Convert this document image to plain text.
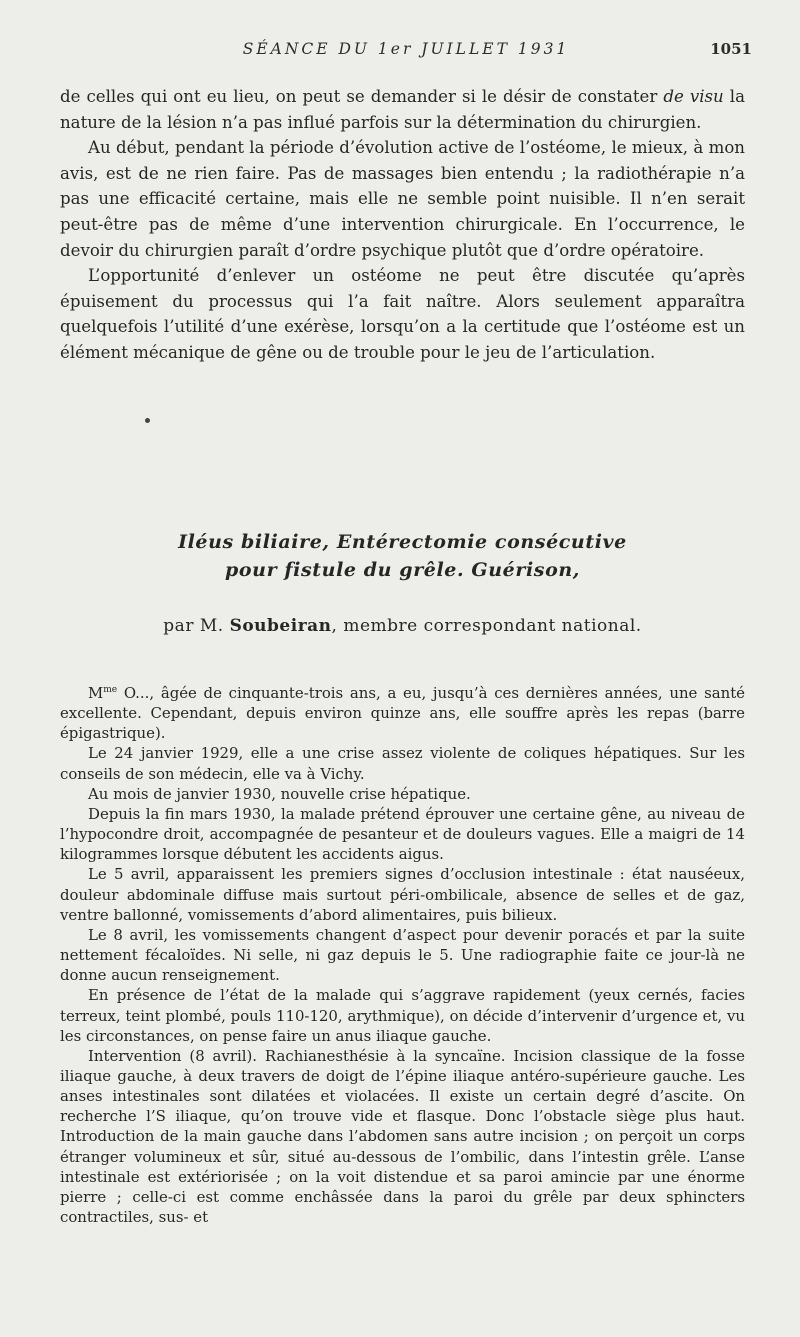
SÉANCE DU 1er JUILLET 1931	1051

de celles qui ont eu lieu, on peut se demander si le désir de constater de visu la nature de la lésion n’a pas influé parfois sur la détermination du chirurgien.

Au début, pendant la période d’évolution active de l’ostéome, le mieux, à mon avis, est de ne rien faire. Pas de massages bien entendu ; la radiothérapie n’a pas une efficacité certaine, mais elle ne semble point nuisible. Il n’en serait peut-être pas de même d’une intervention chirurgicale. En l’occurrence, le devoir du chirurgien paraît d’ordre psychique plutôt que d’ordre opératoire.

L’opportunité d’enlever un ostéome ne peut être discutée qu’après épuisement du processus qui l’a fait naître. Alors seulement apparaîtra quelquefois l’utilité d’une exérèse, lorsqu’on a la certitude que l’ostéome est un élément mécanique de gêne ou de trouble pour le jeu de l’articulation.

Iléus biliaire, Entérectomie consécutive
pour fistule du grêle. Guérison,
par M. Soubeiran, membre correspondant national.

$M^{me}$ O..., âgée de cinquante-trois ans, a eu, jusqu’à ces dernières années, une santé excellente. Cependant, depuis environ quinze ans, elle souffre après les repas (barre épigastrique).

Le 24 janvier 1929, elle a une crise assez violente de coliques hépatiques. Sur les conseils de son médecin, elle va à Vichy.

Au mois de janvier 1930, nouvelle crise hépatique.

Depuis la fin mars 1930, la malade prétend éprouver une certaine gêne, au niveau de l’hypocondre droit, accompagnée de pesanteur et de douleurs vagues. Elle a maigri de 14 kilogrammes lorsque débutent les accidents aigus.

Le 5 avril, apparaissent les premiers signes d’occlusion intestinale : état nauséeux, douleur abdominale diffuse mais surtout péri-ombilicale, absence de selles et de gaz, ventre ballonné, vomissements d’abord alimentaires, puis bilieux.

Le 8 avril, les vomissements changent d’aspect pour devenir poracés et par la suite nettement fécaloïdes. Ni selle, ni gaz depuis le 5. Une radiographie faite ce jour-là ne donne aucun renseignement.

En présence de l’état de la malade qui s’aggrave rapidement (yeux cernés, facies terreux, teint plombé, pouls 110-120, arythmique), on décide d’intervenir d’urgence et, vu les circonstances, on pense faire un anus iliaque gauche.

Intervention (8 avril). Rachianesthésie à la syncaïne. Incision classique de la fosse iliaque gauche, à deux travers de doigt de l’épine iliaque antéro-supérieure gauche. Les anses intestinales sont dilatées et violacées. Il existe un certain degré d’ascite. On recherche l’S iliaque, qu’on trouve vide et flasque. Donc l’obstacle siège plus haut. Introduction de la main gauche dans l’abdomen sans autre incision ; on perçoit un corps étranger volumineux et sûr, situé au-dessous de l’ombilic, dans l’intestin grêle. L’anse intestinale est extériorisée ; on la voit distendue et sa paroi amincie par une énorme pierre ; celle-ci est comme enchâssée dans la paroi du grêle par deux sphincters contractiles, sus- et
